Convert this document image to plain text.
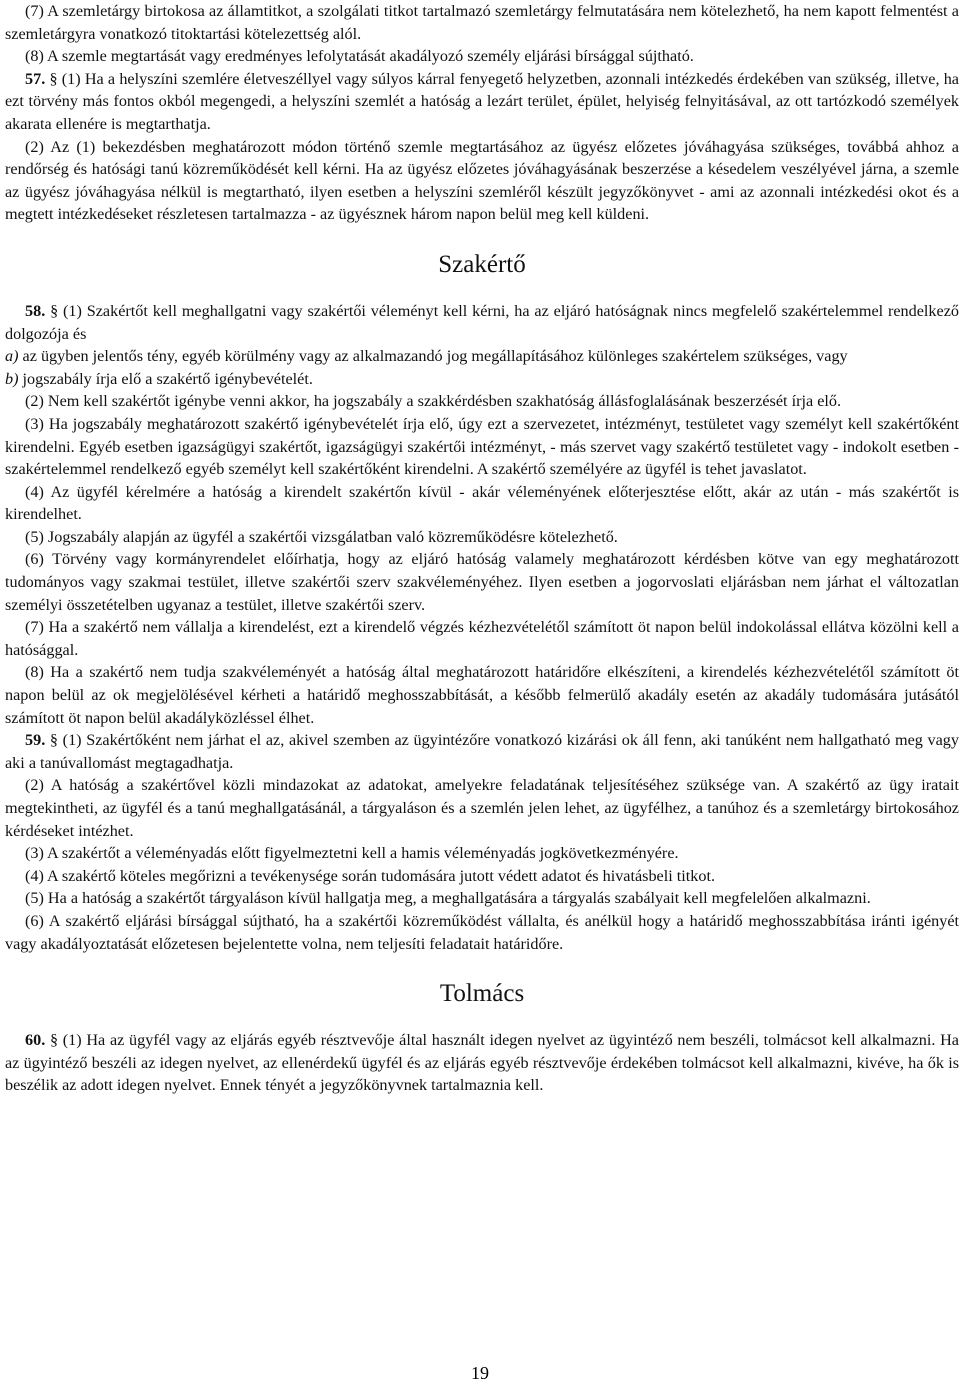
(7) A szemletárgy birtokosa az államtitkot, a szolgálati titkot tartalmazó szemletárgy felmutatására nem kötelezhető, ha nem kapott felmentést a szemletárgyra vonatkozó titoktartási kötelezettség alól.

(8) A szemle megtartását vagy eredményes lefolytatását akadályozó személy eljárási bírsággal sújtható.

57. § (1) Ha a helyszíni szemlére életveszéllyel vagy súlyos kárral fenyegető helyzetben, azonnali intézkedés érdekében van szükség, illetve, ha ezt törvény más fontos okból megengedi, a helyszíni szemlét a hatóság a lezárt terület, épület, helyiség felnyitásával, az ott tartózkodó személyek akarata ellenére is megtarthatja.

(2) Az (1) bekezdésben meghatározott módon történő szemle megtartásához az ügyész előzetes jóváhagyása szükséges, továbbá ahhoz a rendőrség és hatósági tanú közreműködését kell kérni. Ha az ügyész előzetes jóváhagyásának beszerzése a késedelem veszélyével járna, a szemle az ügyész jóváhagyása nélkül is megtartható, ilyen esetben a helyszíni szemléről készült jegyzőkönyvet - ami az azonnali intézkedési okot és a megtett intézkedéseket részletesen tartalmazza - az ügyésznek három napon belül meg kell küldeni.

Szakértő

58. § (1) Szakértőt kell meghallgatni vagy szakértői véleményt kell kérni, ha az eljáró hatóságnak nincs megfelelő szakértelemmel rendelkező dolgozója és

a) az ügyben jelentős tény, egyéb körülmény vagy az alkalmazandó jog megállapításához különleges szakértelem szükséges, vagy

b) jogszabály írja elő a szakértő igénybevételét.

(2) Nem kell szakértőt igénybe venni akkor, ha jogszabály a szakkérdésben szakhatóság állásfoglalásának beszerzését írja elő.

(3) Ha jogszabály meghatározott szakértő igénybevételét írja elő, úgy ezt a szervezetet, intézményt, testületet vagy személyt kell szakértőként kirendelni. Egyéb esetben igazságügyi szakértőt, igazságügyi szakértői intézményt, - más szervet vagy szakértő testületet vagy - indokolt esetben - szakértelemmel rendelkező egyéb személyt kell szakértőként kirendelni. A szakértő személyére az ügyfél is tehet javaslatot.

(4) Az ügyfél kérelmére a hatóság a kirendelt szakértőn kívül - akár véleményének előterjesztése előtt, akár az után - más szakértőt is kirendelhet.

(5) Jogszabály alapján az ügyfél a szakértői vizsgálatban való közreműködésre kötelezhető.

(6) Törvény vagy kormányrendelet előírhatja, hogy az eljáró hatóság valamely meghatározott kérdésben kötve van egy meghatározott tudományos vagy szakmai testület, illetve szakértői szerv szakvéleményéhez. Ilyen esetben a jogorvoslati eljárásban nem járhat el változatlan személyi összetételben ugyanaz a testület, illetve szakértői szerv.

(7) Ha a szakértő nem vállalja a kirendelést, ezt a kirendelő végzés kézhezvételétől számított öt napon belül indokolással ellátva közölni kell a hatósággal.

(8) Ha a szakértő nem tudja szakvéleményét a hatóság által meghatározott határidőre elkészíteni, a kirendelés kézhezvételétől számított öt napon belül az ok megjelölésével kérheti a határidő meghosszabbítását, a később felmerülő akadály esetén az akadály tudomására jutásától számított öt napon belül akadályközléssel élhet.

59. § (1) Szakértőként nem járhat el az, akivel szemben az ügyintézőre vonatkozó kizárási ok áll fenn, aki tanúként nem hallgatható meg vagy aki a tanúvallomást megtagadhatja.

(2) A hatóság a szakértővel közli mindazokat az adatokat, amelyekre feladatának teljesítéséhez szüksége van. A szakértő az ügy iratait megtekintheti, az ügyfél és a tanú meghallgatásánál, a tárgyaláson és a szemlén jelen lehet, az ügyfélhez, a tanúhoz és a szemletárgy birtokosához kérdéseket intézhet.

(3) A szakértőt a véleményadás előtt figyelmeztetni kell a hamis véleményadás jogkövetkezményére.

(4) A szakértő köteles megőrizni a tevékenysége során tudomására jutott védett adatot és hivatásbeli titkot.

(5) Ha a hatóság a szakértőt tárgyaláson kívül hallgatja meg, a meghallgatására a tárgyalás szabályait kell megfelelően alkalmazni.

(6) A szakértő eljárási bírsággal sújtható, ha a szakértői közreműködést vállalta, és anélkül hogy a határidő meghosszabbítása iránti igényét vagy akadályoztatását előzetesen bejelentette volna, nem teljesíti feladatait határidőre.

Tolmács

60. § (1) Ha az ügyfél vagy az eljárás egyéb résztvevője által használt idegen nyelvet az ügyintéző nem beszéli, tolmácsot kell alkalmazni. Ha az ügyintéző beszéli az idegen nyelvet, az ellenérdekű ügyfél és az eljárás egyéb résztvevője érdekében tolmácsot kell alkalmazni, kivéve, ha ők is beszélik az adott idegen nyelvet. Ennek tényét a jegyzőkönyvnek tartalmaznia kell.

19
